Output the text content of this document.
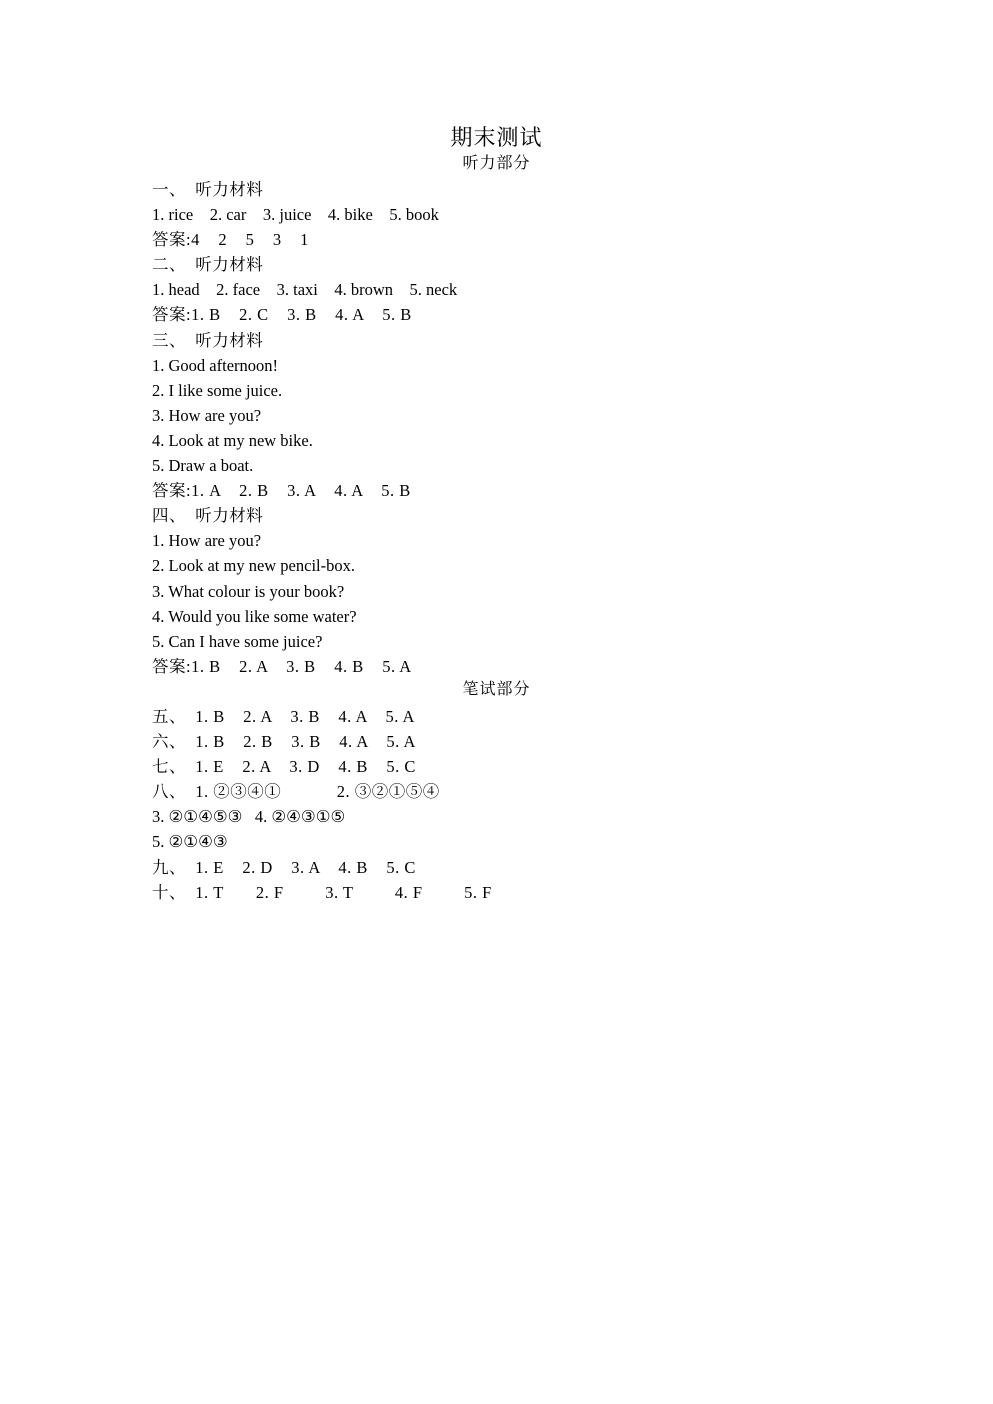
期末测试
听力部分
一、  听力材料
1. rice    2. car    3. juice    4. bike    5. book
答案:4    2    5    3    1
二、  听力材料
1. head    2. face    3. taxi    4. brown    5. neck
答案:1. B    2. C    3. B    4. A    5. B
三、  听力材料
1. Good afternoon!
2. I like some juice.
3. How are you?
4. Look at my new bike.
5. Draw a boat.
答案:1. A    2. B    3. A    4. A    5. B
四、  听力材料
1. How are you?
2. Look at my new pencil-box.
3. What colour is your book?
4. Would you like some water?
5. Can I have some juice?
答案:1. B    2. A    3. B    4. B    5. A
笔试部分
五、  1. B    2. A    3. B    4. A    5. A
六、  1. B    2. B    3. B    4. A    5. A
七、  1. E    2. A    3. D    4. B    5. C
八、  1. ②③④①            2. ③②①⑤④
3. ②①④⑤③   4. ②④③①⑤
5. ②①④③
九、  1. E    2. D    3. A    4. B    5. C
十、  1. T       2. F         3. T         4. F         5. F
